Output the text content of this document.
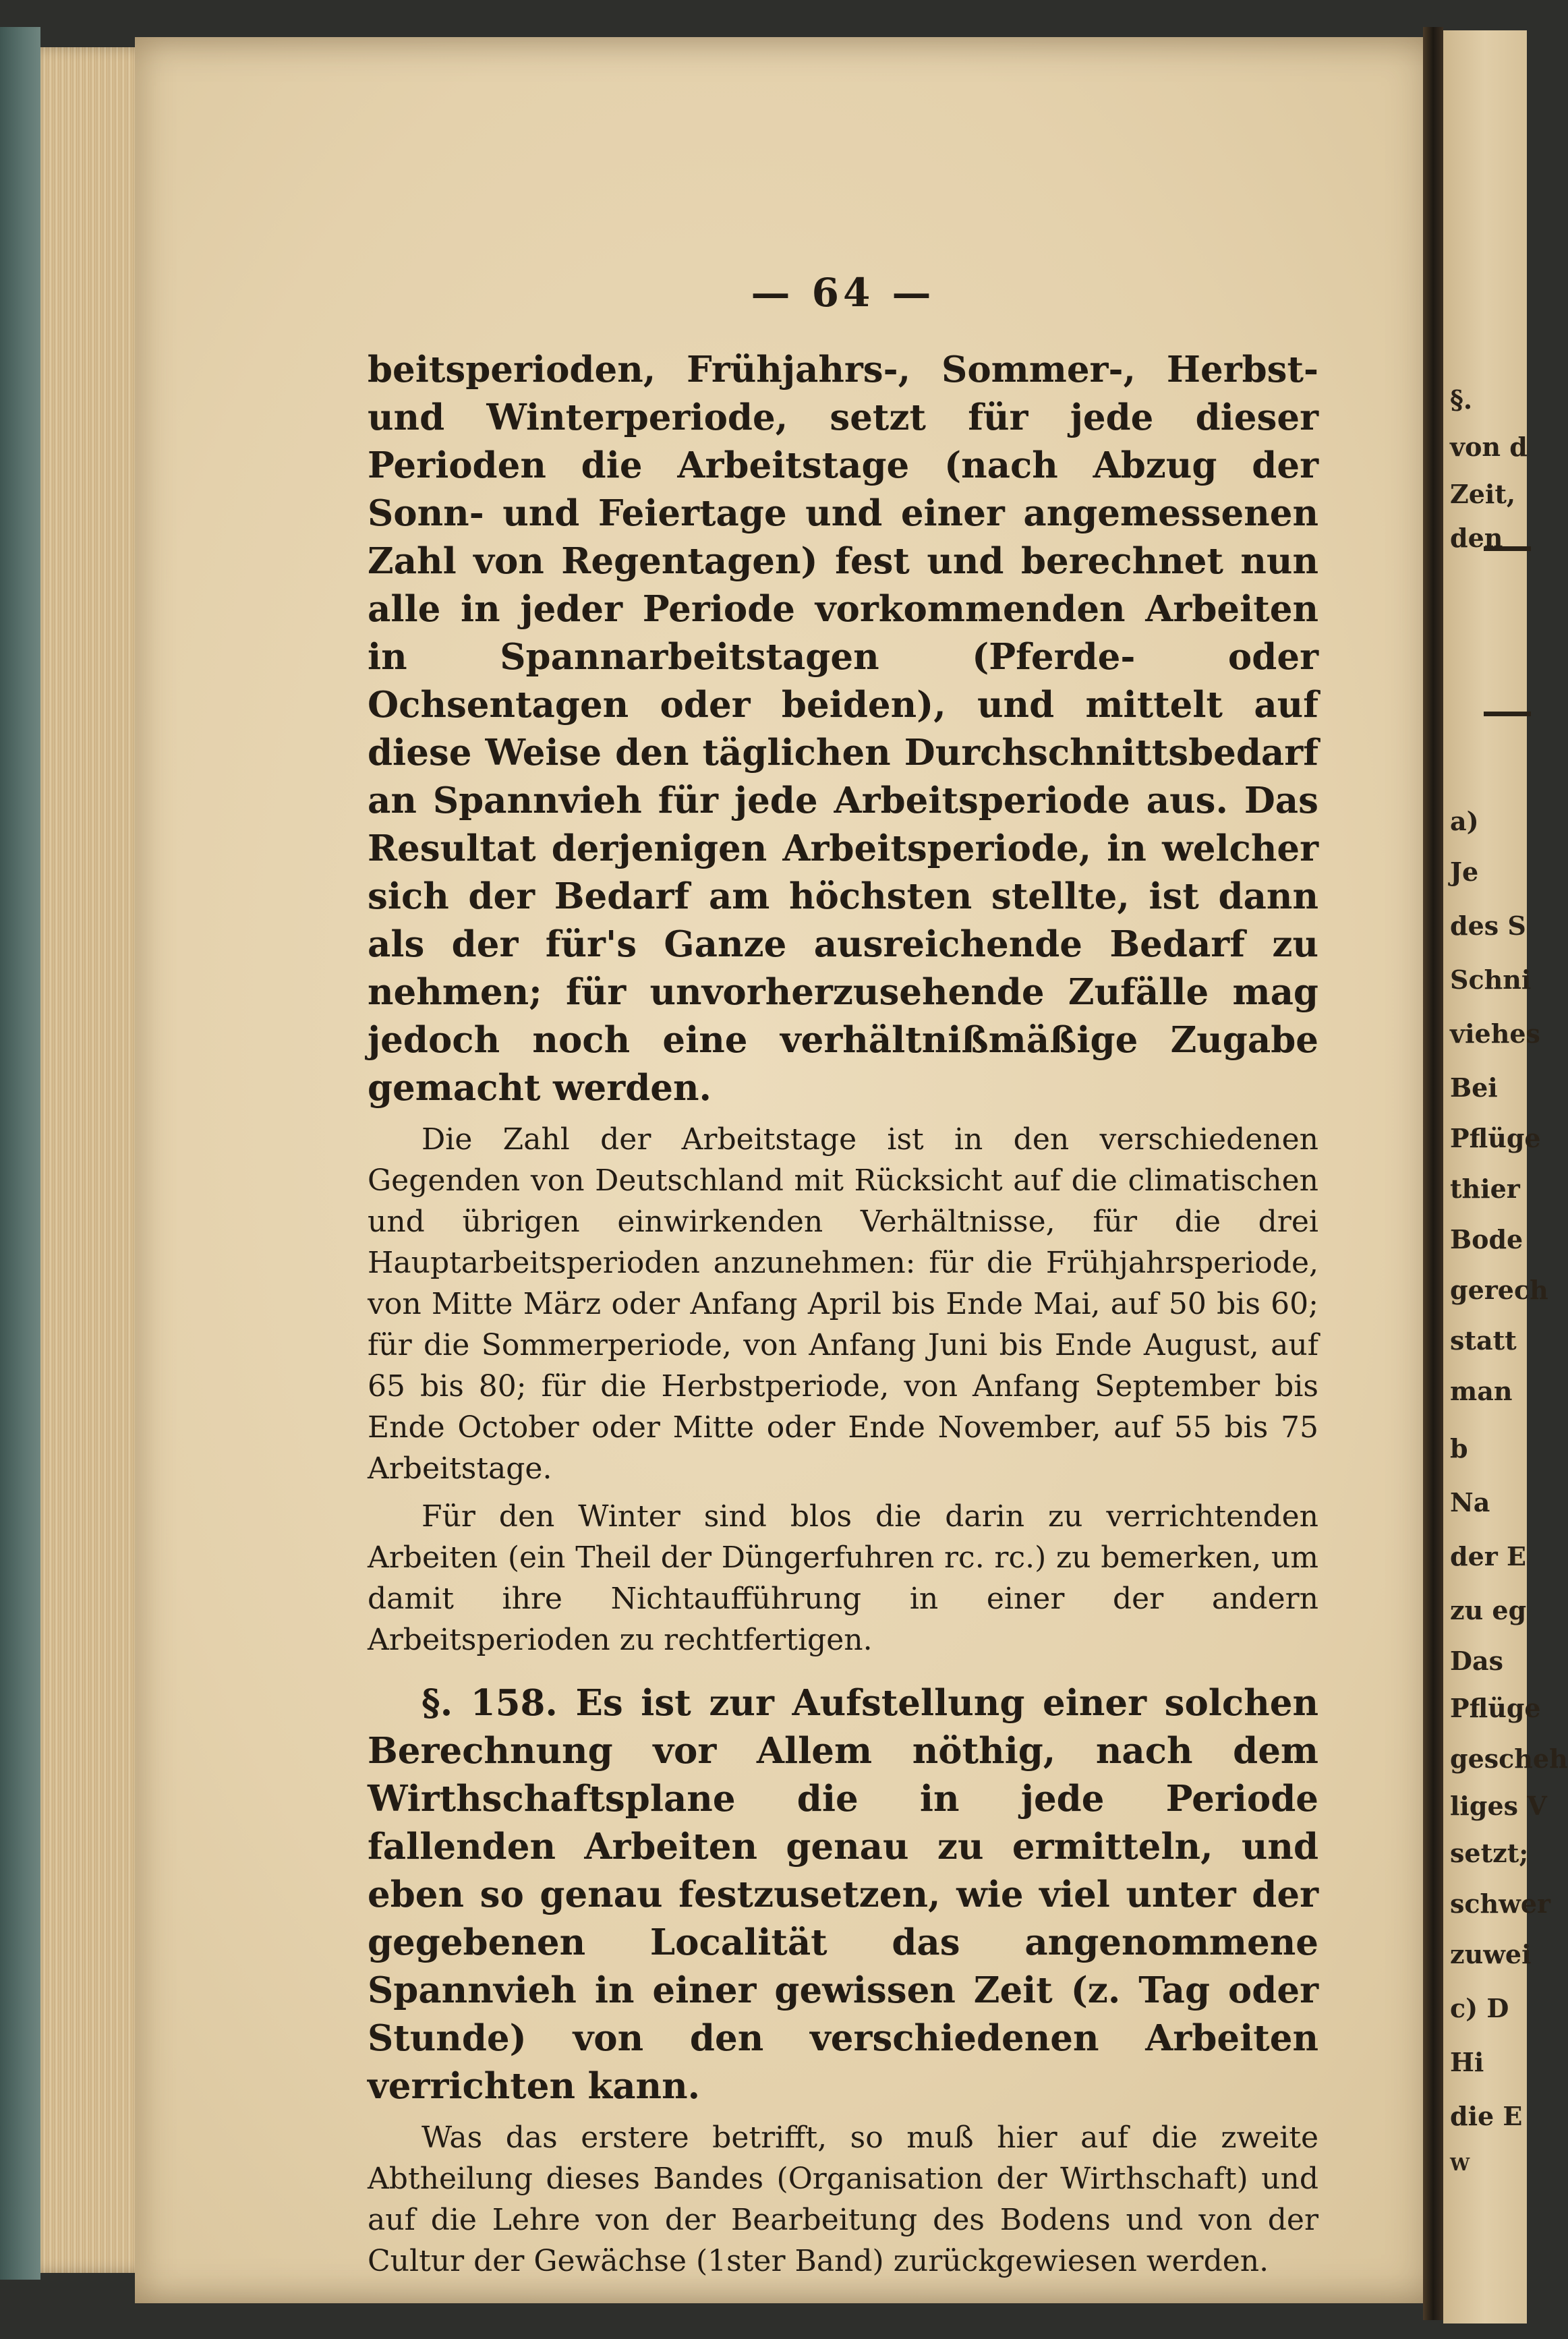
— 64 —

beitsperioden, Frühjahrs-, Sommer-, Herbst- und Winterperiode, setzt für jede dieser Perioden die Arbeitstage (nach Abzug der Sonn- und Feiertage und einer angemessenen Zahl von Regentagen) fest und berechnet nun alle in jeder Periode vorkommenden Arbeiten in Spannarbeitstagen (Pferde- oder Ochsentagen oder beiden), und mittelt auf diese Weise den täglichen Durchschnittsbedarf an Spannvieh für jede Arbeitsperiode aus. Das Resultat derjenigen Arbeitsperiode, in welcher sich der Bedarf am höchsten stellte, ist dann als der für's Ganze ausreichende Bedarf zu nehmen; für unvorherzusehende Zufälle mag jedoch noch eine verhältnißmäßige Zugabe gemacht werden.

Die Zahl der Arbeitstage ist in den verschiedenen Gegenden von Deutschland mit Rücksicht auf die climatischen und übrigen einwirkenden Verhältnisse, für die drei Hauptarbeitsperioden anzunehmen: für die Frühjahrsperiode, von Mitte März oder Anfang April bis Ende Mai, auf 50 bis 60; für die Sommerperiode, von Anfang Juni bis Ende August, auf 65 bis 80; für die Herbstperiode, von Anfang September bis Ende October oder Mitte oder Ende November, auf 55 bis 75 Arbeitstage.

Für den Winter sind blos die darin zu verrichtenden Arbeiten (ein Theil der Düngerfuhren rc. rc.) zu bemerken, um damit ihre Nichtaufführung in einer der andern Arbeitsperioden zu rechtfertigen.

§. 158. Es ist zur Aufstellung einer solchen Berechnung vor Allem nöthig, nach dem Wirthschaftsplane die in jede Periode fallenden Arbeiten genau zu ermitteln, und eben so genau festzusetzen, wie viel unter der gegebenen Localität das angenommene Spannvieh in einer gewissen Zeit (z. Tag oder Stunde) von den verschiedenen Arbeiten verrichten kann.

Was das erstere betrifft, so muß hier auf die zweite Abtheilung dieses Bandes (Organisation der Wirthschaft) und auf die Lehre von der Bearbeitung des Bodens und von der Cultur der Gewächse (1ster Band) zurückgewiesen werden.

§.
von d
Zeit,
den
a)
Je
des S
Schni
viehes
Bei
Pflüge
thier
Bode
gerech
statt
man
b
Na
der E
zu eg
Das
Pflüge
gescheh
liges V
setzt;
schwer
zuwei
c) D
Hi
die E
W
